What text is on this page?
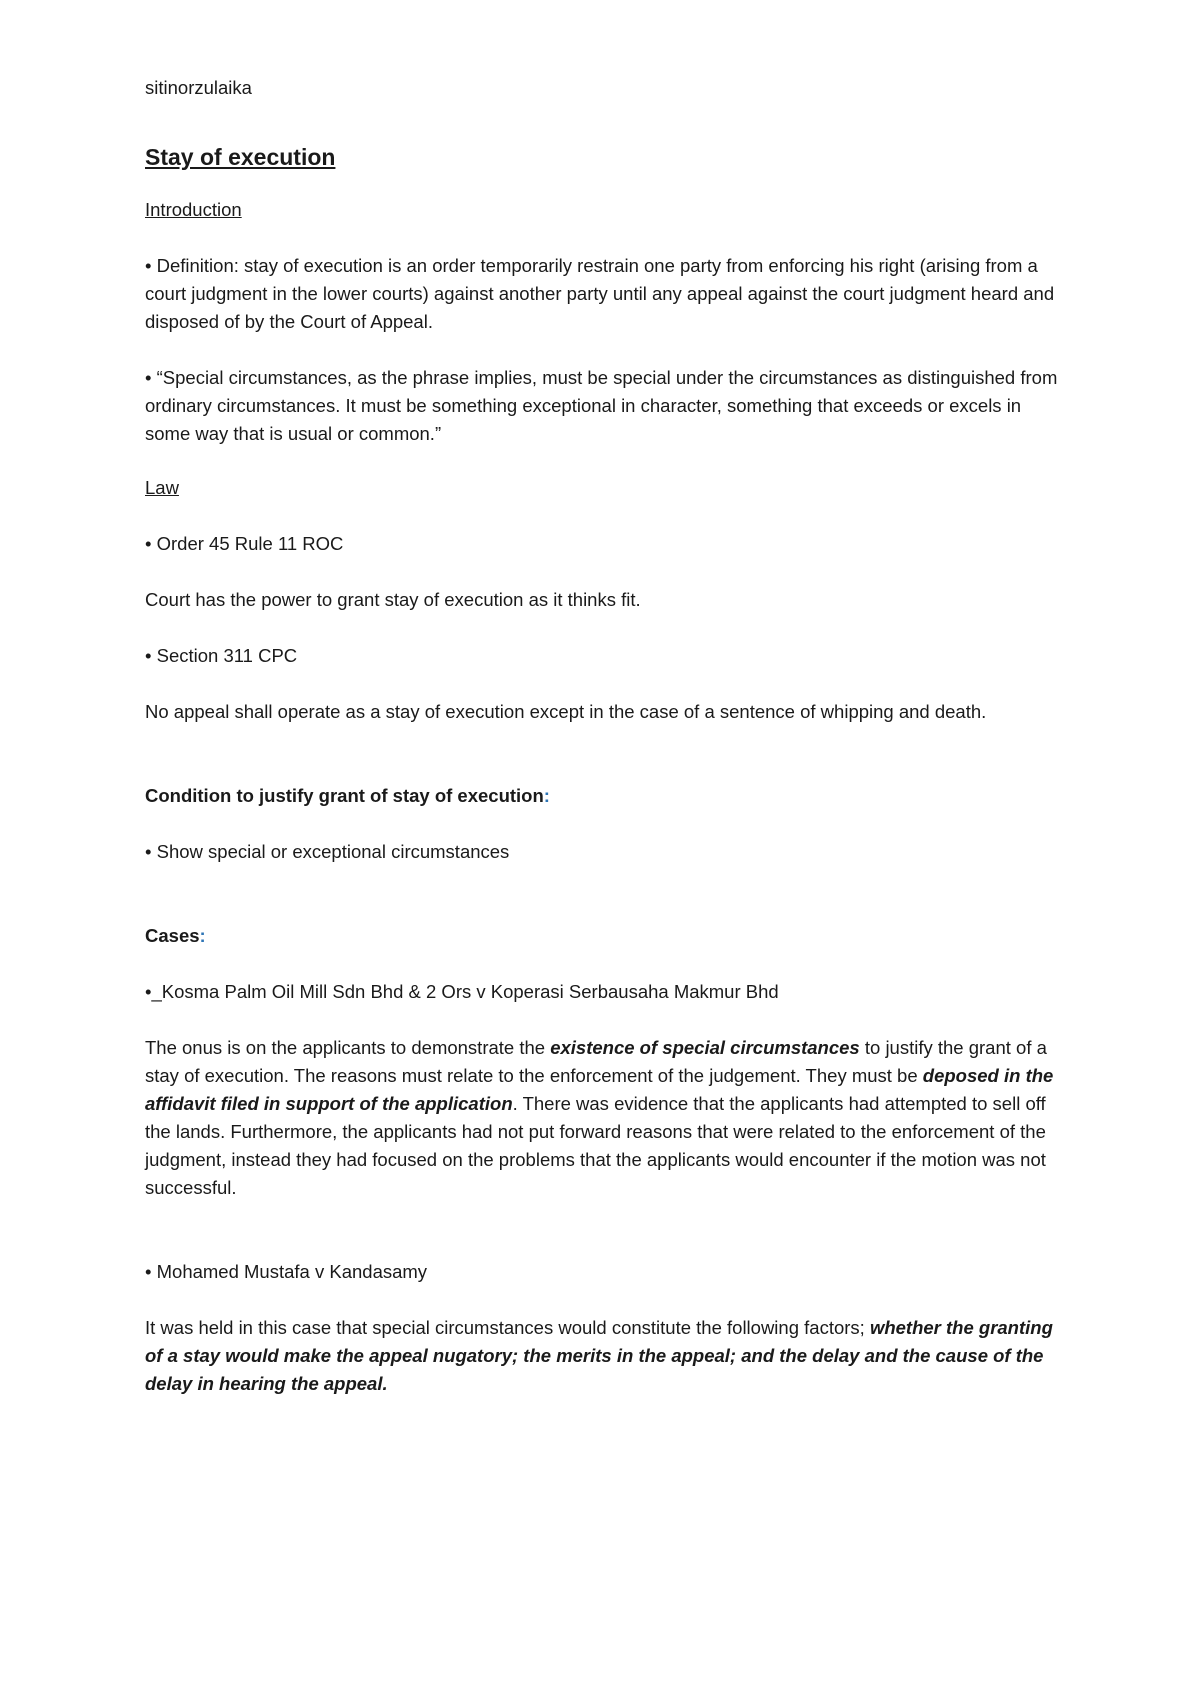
sitinorzulaika

Stay of execution

Introduction

• Definition: stay of execution is an order temporarily restrain one party from enforcing his right (arising from a court judgment in the lower courts) against another party until any appeal against the court judgment heard and disposed of by the Court of Appeal.

• “Special circumstances, as the phrase implies, must be special under the circumstances as distinguished from ordinary circumstances. It must be something exceptional in character, something that exceeds or excels in some way that is usual or common.”

Law

• Order 45 Rule 11 ROC

Court has the power to grant stay of execution as it thinks fit.

• Section 311 CPC

No appeal shall operate as a stay of execution except in the case of a sentence of whipping and death.

Condition to justify grant of stay of execution:

• Show special or exceptional circumstances

Cases:

•_Kosma Palm Oil Mill Sdn Bhd & 2 Ors v Koperasi Serbausaha Makmur Bhd

The onus is on the applicants to demonstrate the existence of special circumstances to justify the grant of a stay of execution. The reasons must relate to the enforcement of the judgement. They must be deposed in the affidavit filed in support of the application. There was evidence that the applicants had attempted to sell off the lands. Furthermore, the applicants had not put forward reasons that were related to the enforcement of the judgment, instead they had focused on the problems that the applicants would encounter if the motion was not successful.

• Mohamed Mustafa v Kandasamy

It was held in this case that special circumstances would constitute the following factors; whether the granting of a stay would make the appeal nugatory; the merits in the appeal; and the delay and the cause of the delay in hearing the appeal.
